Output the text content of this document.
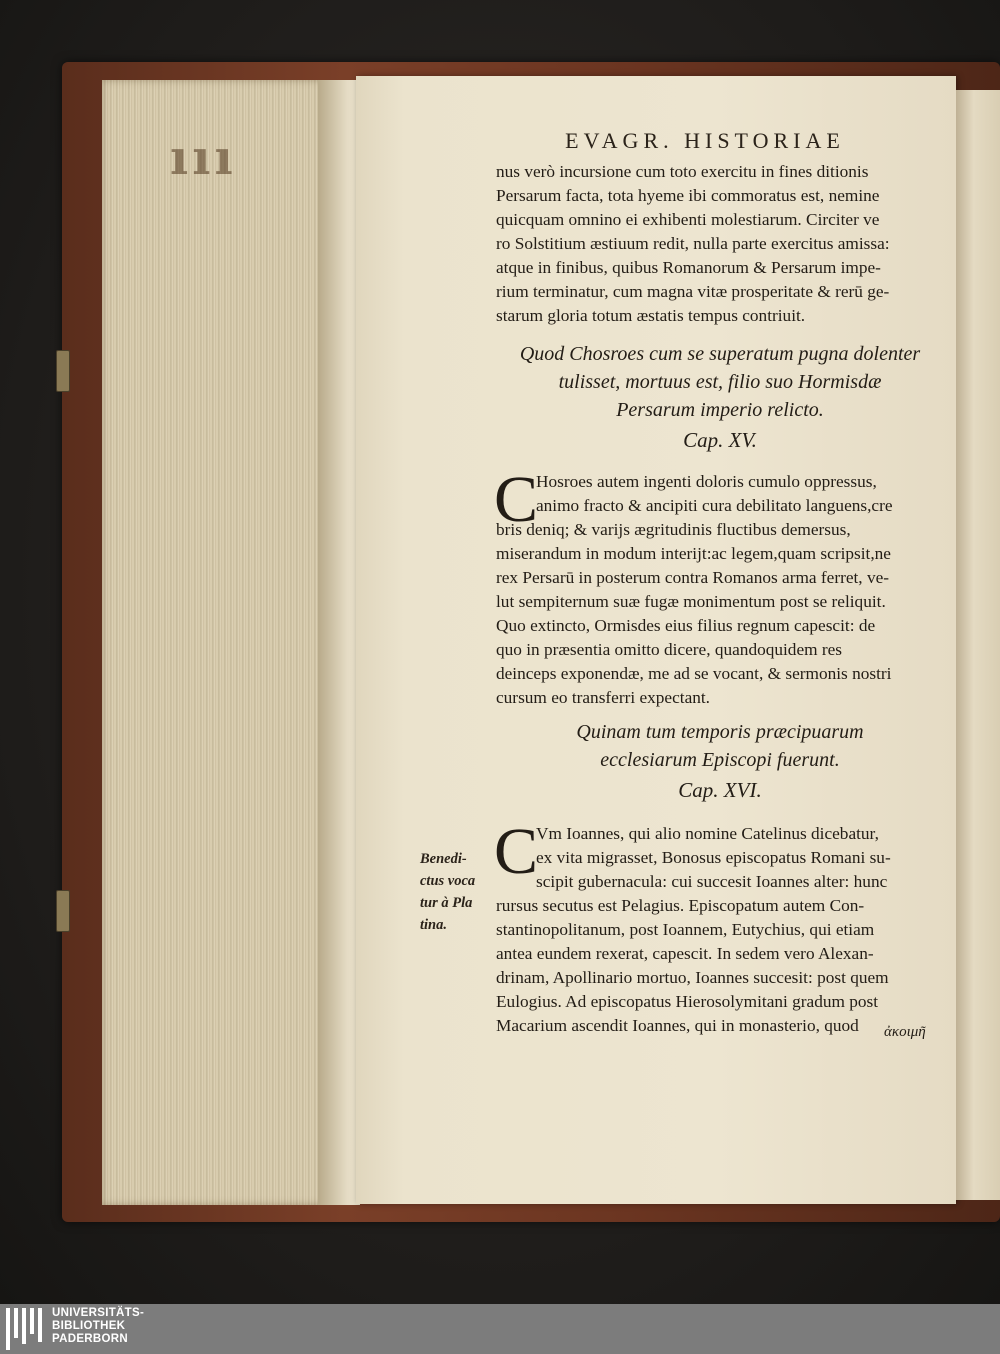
ııı	EVAGR. HISTORIAE
nus verò incursione cum toto exercitu in fines ditionis
Persarum facta, tota hyeme ibi commoratus est, nemine
quicquam omnino ei exhibenti molestiarum. Circiter ve
ro Solstitium æstiuum redit, nulla parte exercitus amissa:
atque in finibus, quibus Romanorum & Persarum impe-
rium terminatur, cum magna vitæ prosperitate & rerū ge-
starum gloria totum æstatis tempus contriuit.
Quod Chosroes cum se superatum pugna dolenter
tulisset, mortuus est, filio suo Hormisdæ
Persarum imperio relicto.
Cap. XV.
C
Hosroes autem ingenti doloris cumulo oppressus,
animo fracto & ancipiti cura debilitato languens,cre
bris deniq; & varijs ægritudinis fluctibus demersus,
miserandum in modum interijt:ac legem,quam scripsit,ne
rex Persarū in posterum contra Romanos arma ferret, ve-
lut sempiternum suæ fugæ monimentum post se reliquit.
Quo extincto, Ormisdes eius filius regnum capescit: de
quo in præsentia omitto dicere, quandoquidem res
deinceps exponendæ, me ad se vocant, & sermonis nostri
cursum eo transferri expectant.
Quinam tum temporis præcipuarum
ecclesiarum Episcopi fuerunt.
Cap. XVI.
C
Vm Ioannes, qui alio nomine Catelinus dicebatur,
ex vita migrasset, Bonosus episcopatus Romani su-
scipit gubernacula: cui succesit Ioannes alter: hunc
rursus secutus est Pelagius. Episcopatum autem Con-
stantinopolitanum, post Ioannem, Eutychius, qui etiam
antea eundem rexerat, capescit. In sedem vero Alexan-
drinam, Apollinario mortuo, Ioannes succesit: post quem
Eulogius. Ad episcopatus Hierosolymitani gradum post
Macarium ascendit Ioannes, qui in monasterio, quod
Benedi-
ctus voca
tur à Pla
tina.
ἀκοιμῆ
UNIVERSITÄTS-
BIBLIOTHEK
PADERBORN
